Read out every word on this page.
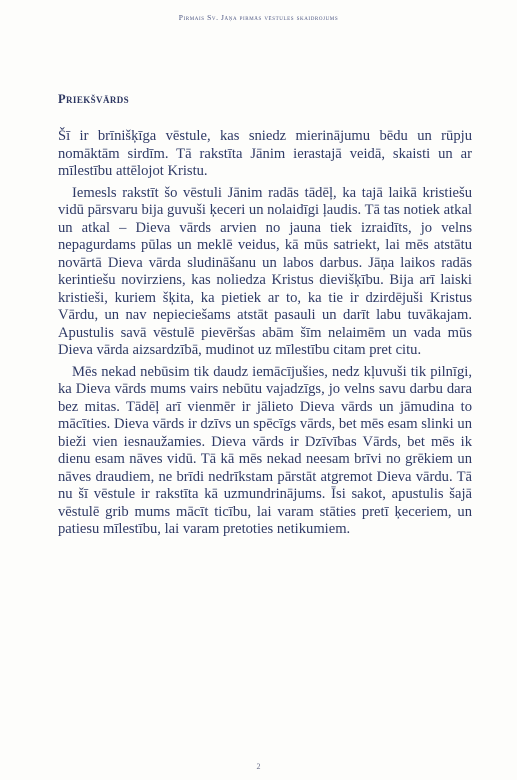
Pirmais Sv. Jāņa pirmās vēstules skaidrojums
Priekšvārds

Šī ir brīnišķīga vēstule, kas sniedz mierinājumu bēdu un rūpju nomāktām sirdīm. Tā rakstīta Jānim ierastajā veidā, skaisti un ar mīlestību attēlojot Kristu.

Iemesls rakstīt šo vēstuli Jānim radās tādēļ, ka tajā laikā kristiešu vidū pārsvaru bija guvuši ķeceri un nolaidīgi ļaudis. Tā tas notiek atkal un atkal – Dieva vārds arvien no jauna tiek izraidīts, jo velns nepagurdams pūlas un meklē veidus, kā mūs satriekt, lai mēs atstātu novārtā Dieva vārda sludināšanu un labos darbus. Jāņa laikos radās kerintiešu novirziens, kas noliedza Kristus dievišķību. Bija arī laiski kristieši, kuriem šķita, ka pietiek ar to, ka tie ir dzirdējuši Kristus Vārdu, un nav nepieciešams atstāt pasauli un darīt labu tuvākajam. Apustulis savā vēstulē pievēršas abām šīm nelaimēm un vada mūs Dieva vārda aizsardzībā, mudinot uz mīlestību citam pret citu.

Mēs nekad nebūsim tik daudz iemācījušies, nedz kļuvuši tik pilnīgi, ka Dieva vārds mums vairs nebūtu vajadzīgs, jo velns savu darbu dara bez mitas. Tādēļ arī vienmēr ir jālieto Dieva vārds un jāmudina to mācīties. Dieva vārds ir dzīvs un spēcīgs vārds, bet mēs esam slinki un bieži vien iesnaužamies. Dieva vārds ir Dzīvības Vārds, bet mēs ik dienu esam nāves vidū. Tā kā mēs nekad neesam brīvi no grēkiem un nāves draudiem, ne brīdi nedrīkstam pārstāt atgremot Dieva vārdu. Tā nu šī vēstule ir rakstīta kā uzmundrinājums. Īsi sakot, apustulis šajā vēstulē grib mums mācīt ticību, lai varam stāties pretī ķeceriem, un patiesu mīlestību, lai varam pretoties netikumiem.

2
